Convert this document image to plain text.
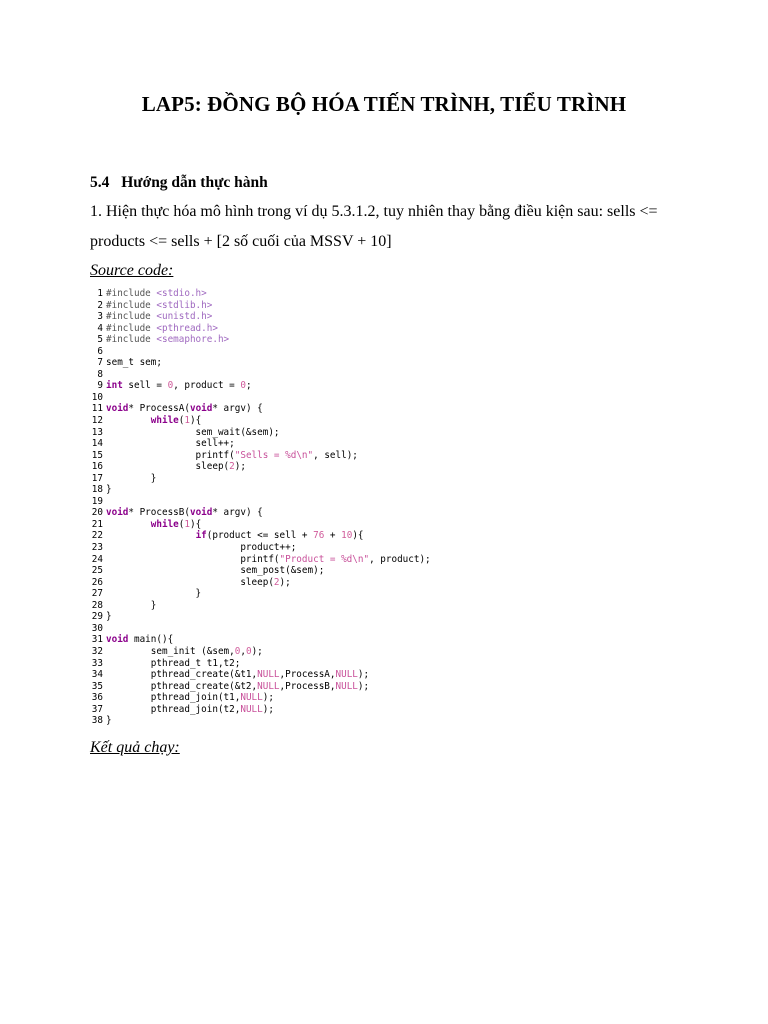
LAP5: ĐỒNG BỘ HÓA TIẾN TRÌNH, TIỂU TRÌNH
5.4 Hướng dẫn thực hành
1. Hiện thực hóa mô hình trong ví dụ 5.3.1.2, tuy nhiên thay bằng điều kiện sau: sells <=
products <= sells + [2 số cuối của MSSV + 10]
Source code:
1 #include <stdio.h>
2 #include <stdlib.h>
3 #include <unistd.h>
4 #include <pthread.h>
5 #include <semaphore.h>
6
7 sem_t sem;
8
9 int sell = 0, product = 0;
10
11 void* ProcessA(void* argv) {
12	while(1){
13                sem_wait(&sem);
14                sell++;
15                printf("Sells = %d\n", sell);
16                sleep(2);
17        }
18 }
19
20 void* ProcessB(void* argv) {
21	while(1){
22	if(product <= sell + 76 + 10){
23                        product++;
24                        printf("Product = %d\n", product);
25                        sem_post(&sem);
26                        sleep(2);
27                }
28        }
29 }
30
31 void main(){
32        sem_init (&sem,0,0);
33        pthread_t t1,t2;
34        pthread_create(&t1,NULL,ProcessA,NULL);
35        pthread_create(&t2,NULL,ProcessB,NULL);
36        pthread_join(t1,NULL);
37        pthread_join(t2,NULL);
38 }
Kết quả chạy:
